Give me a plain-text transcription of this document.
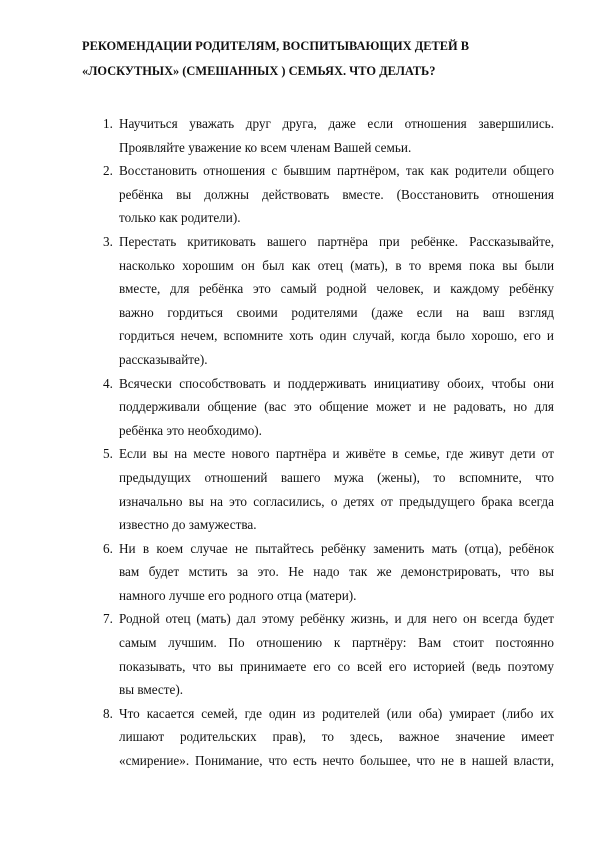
РЕКОМЕНДАЦИИ РОДИТЕЛЯМ, ВОСПИТЫВАЮЩИХ ДЕТЕЙ В
«ЛОСКУТНЫХ» (СМЕШАННЫХ ) СЕМЬЯХ. ЧТО ДЕЛАТЬ?
1. Научиться уважать друг друга, даже если отношения завершились.
Проявляйте уважение ко всем членам Вашей семьи.
2. Восстановить отношения с бывшим партнёром, так как родители общего
ребёнка вы должны действовать вместе. (Восстановить отношения
только как родители).
3. Перестать критиковать вашего партнёра при ребёнке. Рассказывайте,
насколько хорошим он был как отец (мать), в то время пока вы были
вместе, для ребёнка это самый родной человек, и каждому ребёнку
важно гордиться своими родителями (даже если на ваш взгляд
гордиться нечем, вспомните хоть один случай, когда было хорошо, его и
рассказывайте).
4. Всячески способствовать и поддерживать инициативу обоих, чтобы они
поддерживали общение (вас это общение может и не радовать, но для
ребёнка это необходимо).
5. Если вы на месте нового партнёра и живёте в семье, где живут дети от
предыдущих отношений вашего мужа (жены), то вспомните, что
изначально вы на это согласились, о детях от предыдущего брака всегда
известно до замужества.
6. Ни в коем случае не пытайтесь ребёнку заменить мать (отца), ребёнок
вам будет мстить за это. Не надо так же демонстрировать, что вы
намного лучше его родного отца (матери).
7. Родной отец (мать) дал этому ребёнку жизнь, и для него он всегда будет
самым лучшим. По отношению к партнёру: Вам стоит постоянно
показывать, что вы принимаете его со всей его историей (ведь поэтому
вы вместе).
8. Что касается семей, где один из родителей (или оба) умирает (либо их
лишают родительских прав), то здесь, важное значение имеет
«смирение». Понимание, что есть нечто большее, что не в нашей власти,
